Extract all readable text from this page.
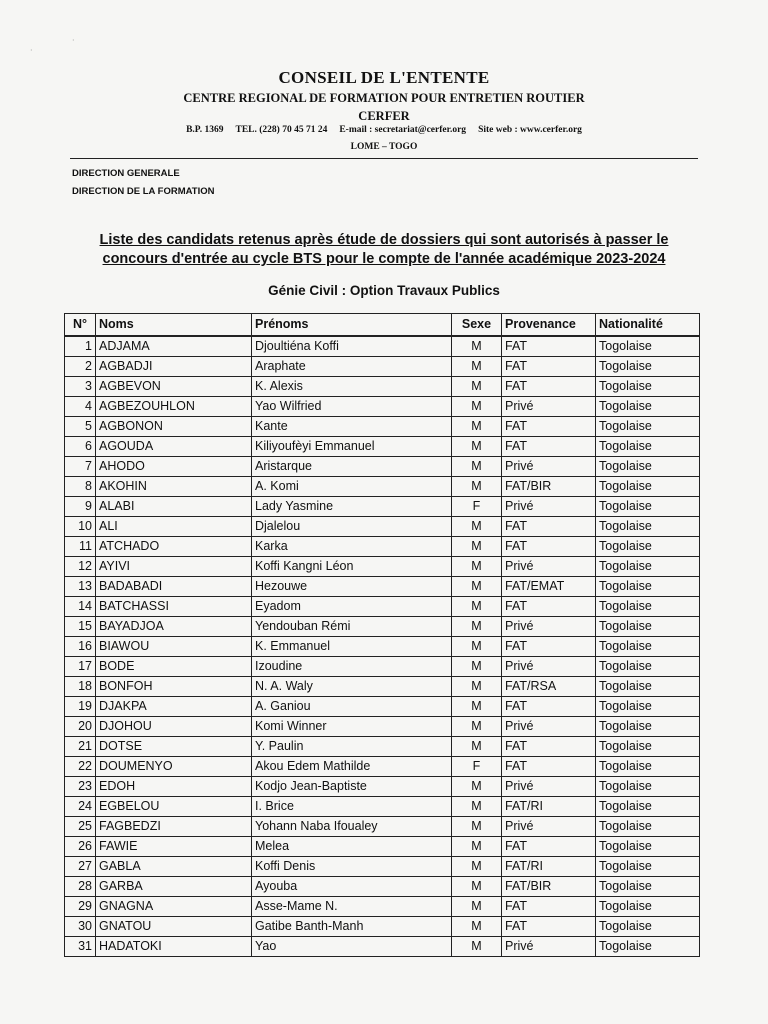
·
·
CONSEIL DE L'ENTENTE
CENTRE REGIONAL DE FORMATION POUR ENTRETIEN ROUTIER
CERFER
B.P. 1369 TEL. (228) 70 45 71 24 E-mail : secretariat@cerfer.org Site web : www.cerfer.org
LOME – TOGO
DIRECTION GENERALE
DIRECTION DE LA FORMATION
Liste des candidats retenus après étude de dossiers qui sont autorisés à passer le
concours d'entrée au cycle BTS pour le compte de l'année académique 2023-2024
Génie Civil : Option Travaux Publics
N°	Noms	Prénoms	Sexe	Provenance	Nationalité
1	ADJAMA	Djoultiéna Koffi	M	FAT	Togolaise
2	AGBADJI	Araphate	M	FAT	Togolaise
3	AGBEVON	K. Alexis	M	FAT	Togolaise
4	AGBEZOUHLON	Yao Wilfried	M	Privé	Togolaise
5	AGBONON	Kante	M	FAT	Togolaise
6	AGOUDA	Kiliyoufèyi Emmanuel	M	FAT	Togolaise
7	AHODO	Aristarque	M	Privé	Togolaise
8	AKOHIN	A. Komi	M	FAT/BIR	Togolaise
9	ALABI	Lady Yasmine	F	Privé	Togolaise
10	ALI	Djalelou	M	FAT	Togolaise
11	ATCHADO	Karka	M	FAT	Togolaise
12	AYIVI	Koffi Kangni Léon	M	Privé	Togolaise
13	BADABADI	Hezouwe	M	FAT/EMAT	Togolaise
14	BATCHASSI	Eyadom	M	FAT	Togolaise
15	BAYADJOA	Yendouban Rémi	M	Privé	Togolaise
16	BIAWOU	K. Emmanuel	M	FAT	Togolaise
17	BODE	Izoudine	M	Privé	Togolaise
18	BONFOH	N. A. Waly	M	FAT/RSA	Togolaise
19	DJAKPA	A. Ganiou	M	FAT	Togolaise
20	DJOHOU	Komi Winner	M	Privé	Togolaise
21	DOTSE	Y. Paulin	M	FAT	Togolaise
22	DOUMENYO	Akou Edem Mathilde	F	FAT	Togolaise
23	EDOH	Kodjo Jean-Baptiste	M	Privé	Togolaise
24	EGBELOU	I. Brice	M	FAT/RI	Togolaise
25	FAGBEDZI	Yohann Naba Ifoualey	M	Privé	Togolaise
26	FAWIE	Melea	M	FAT	Togolaise
27	GABLA	Koffi Denis	M	FAT/RI	Togolaise
28	GARBA	Ayouba	M	FAT/BIR	Togolaise
29	GNAGNA	Asse-Mame N.	M	FAT	Togolaise
30	GNATOU	Gatibe Banth-Manh	M	FAT	Togolaise
31	HADATOKI	Yao	M	Privé	Togolaise
